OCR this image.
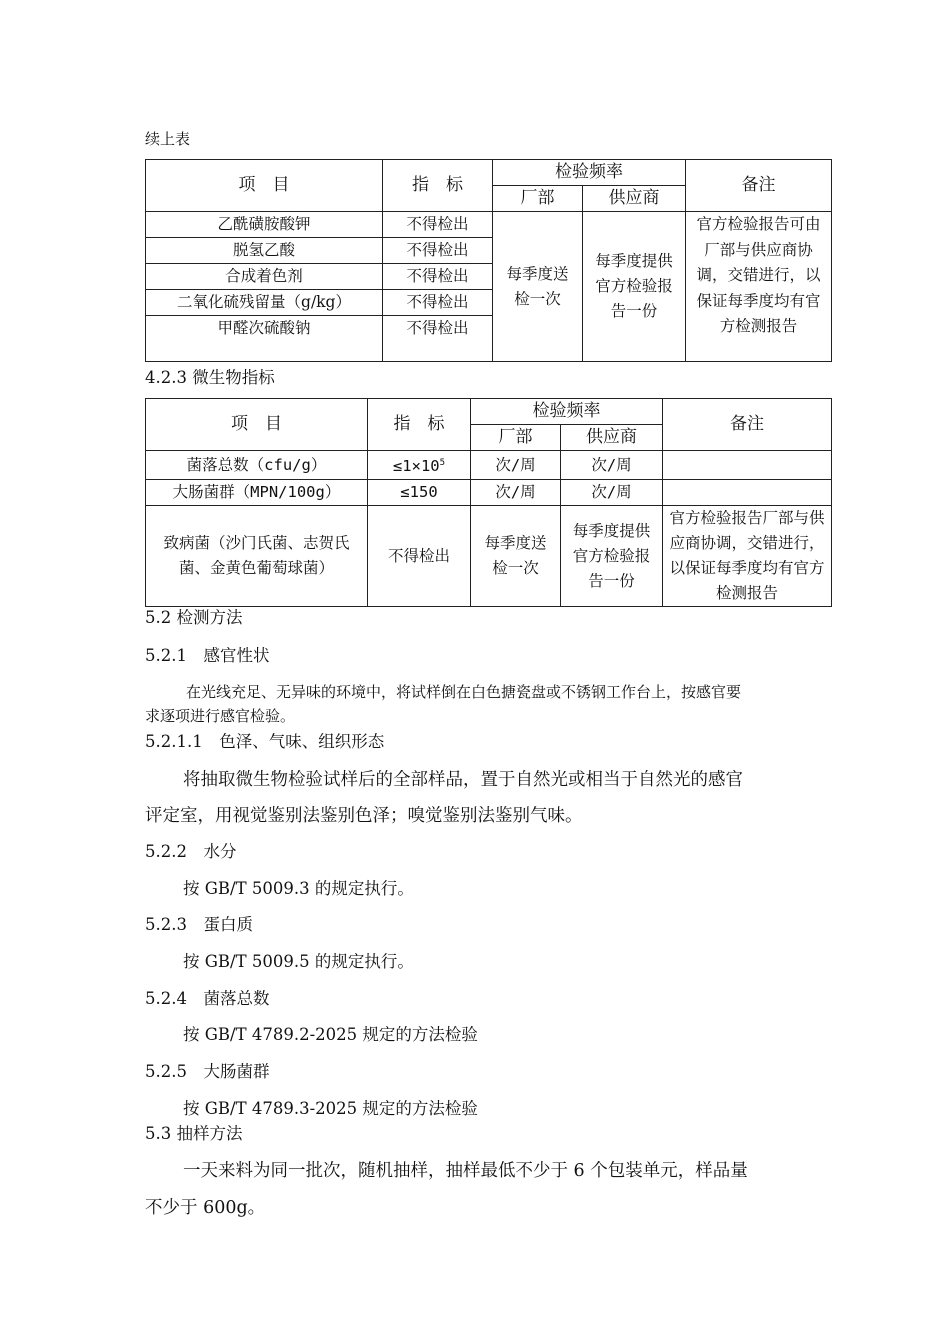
续上表
项　目	指　标	检验频率		备注
		厂部	供应商	
乙酰磺胺酸钾	不得检出	每季度送检一次	每季度提供官方检验报告一份	官方检验报告可由厂部与供应商协调，交错进行，以保证每季度均有官方检测报告
脱氢乙酸	不得检出			
合成着色剂	不得检出			
二氧化硫残留量（g/kg）	不得检出			
甲醛次硫酸钠	不得检出			
4.2.3 微生物指标
项　目	指　标	检验频率		备注
		厂部	供应商	
菌落总数（cfu/g）	$\le 1\times 10^5$	次/周	次/周	
大肠菌群（MPN/100g）	≤150	次/周	次/周	
致病菌（沙门氏菌、志贺氏菌、金黄色葡萄球菌）	不得检出	每季度送检一次	每季度提供官方检验报告一份	官方检验报告厂部与供应商协调，交错进行，以保证每季度均有官方检测报告
5.2 检测方法
5.2.1　感官性状
在光线充足、无异味的环境中，将试样倒在白色搪瓷盘或不锈钢工作台上，按感官要
求逐项进行感官检验。
5.2.1.1　色泽、气味、组织形态
将抽取微生物检验试样后的全部样品，置于自然光或相当于自然光的感官
评定室，用视觉鉴别法鉴别色泽；嗅觉鉴别法鉴别气味。
5.2.2　水分
按 GB/T 5009.3 的规定执行。
5.2.3　蛋白质
按 GB/T 5009.5 的规定执行。
5.2.4　菌落总数
按 GB/T 4789.2-2025 规定的方法检验
5.2.5　大肠菌群
按 GB/T 4789.3-2025 规定的方法检验
5.3 抽样方法
一天来料为同一批次，随机抽样，抽样最低不少于 6 个包装单元，样品量
不少于 600g。
